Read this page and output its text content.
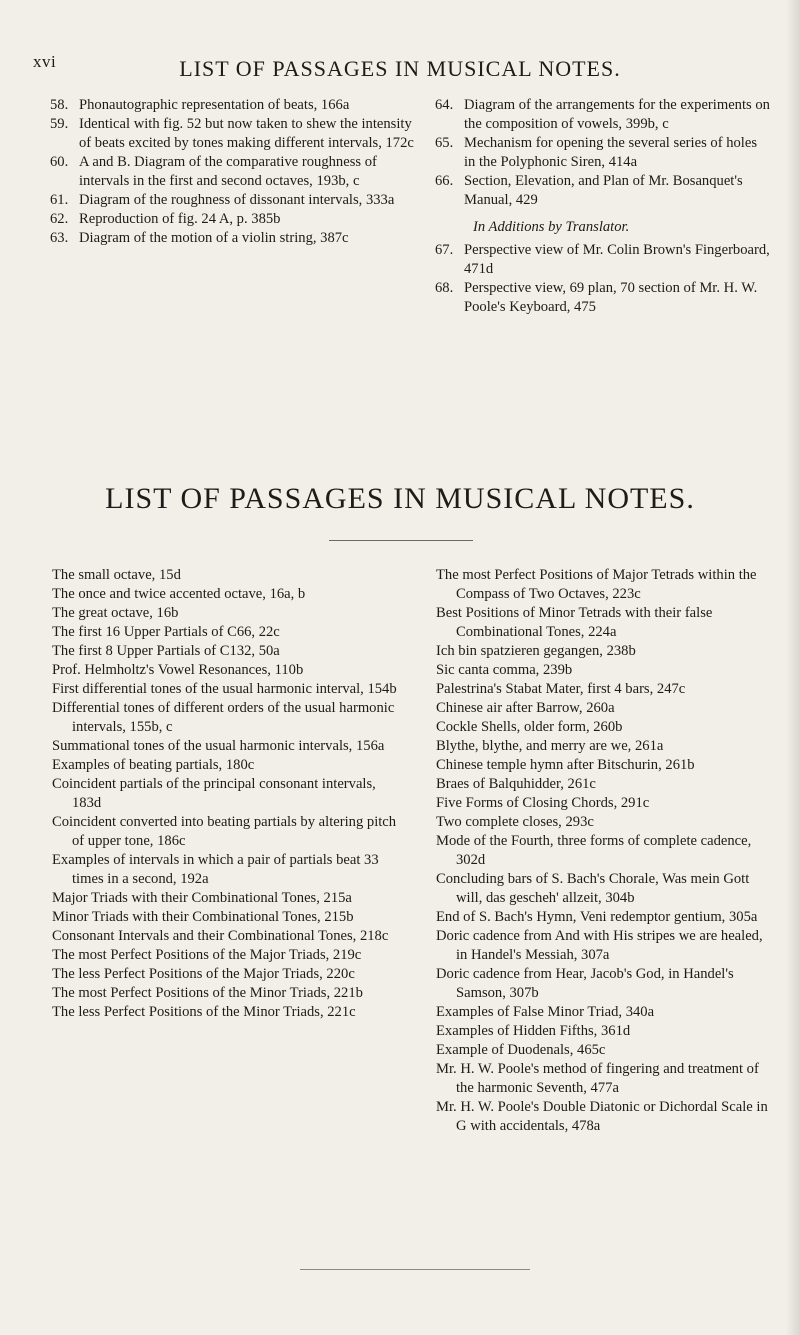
xvi	LIST OF PASSAGES IN MUSICAL NOTES.
58. Phonautographic representation of beats, 166a
59. Identical with fig. 52 but now taken to shew the intensity of beats excited by tones making different intervals, 172c
60. A and B. Diagram of the comparative roughness of intervals in the first and second octaves, 193b, c
61. Diagram of the roughness of dissonant intervals, 333a
62. Reproduction of fig. 24 A, p. 385b
63. Diagram of the motion of a violin string, 387c
64. Diagram of the arrangements for the experiments on the composition of vowels, 399b, c
65. Mechanism for opening the several series of holes in the Polyphonic Siren, 414a
66. Section, Elevation, and Plan of Mr. Bosanquet's Manual, 429
In Additions by Translator.
67. Perspective view of Mr. Colin Brown's Fingerboard, 471d
68. Perspective view, 69 plan, 70 section of Mr. H. W. Poole's Keyboard, 475
LIST OF PASSAGES IN MUSICAL NOTES.
The small octave, 15d
The once and twice accented octave, 16a, b
The great octave, 16b
The first 16 Upper Partials of C66, 22c
The first 8 Upper Partials of C132, 50a
Prof. Helmholtz's Vowel Resonances, 110b
First differential tones of the usual harmonic interval, 154b
Differential tones of different orders of the usual harmonic intervals, 155b, c
Summational tones of the usual harmonic intervals, 156a
Examples of beating partials, 180c
Coincident partials of the principal consonant intervals, 183d
Coincident converted into beating partials by altering pitch of upper tone, 186c
Examples of intervals in which a pair of partials beat 33 times in a second, 192a
Major Triads with their Combinational Tones, 215a
Minor Triads with their Combinational Tones, 215b
Consonant Intervals and their Combinational Tones, 218c
The most Perfect Positions of the Major Triads, 219c
The less Perfect Positions of the Major Triads, 220c
The most Perfect Positions of the Minor Triads, 221b
The less Perfect Positions of the Minor Triads, 221c
The most Perfect Positions of Major Tetrads within the Compass of Two Octaves, 223c
Best Positions of Minor Tetrads with their false Combinational Tones, 224a
Ich bin spatzieren gegangen, 238b
Sic canta comma, 239b
Palestrina's Stabat Mater, first 4 bars, 247c
Chinese air after Barrow, 260a
Cockle Shells, older form, 260b
Blythe, blythe, and merry are we, 261a
Chinese temple hymn after Bitschurin, 261b
Braes of Balquhidder, 261c
Five Forms of Closing Chords, 291c
Two complete closes, 293c
Mode of the Fourth, three forms of complete cadence, 302d
Concluding bars of S. Bach's Chorale, Was mein Gott will, das gescheh' allzeit, 304b
End of S. Bach's Hymn, Veni redemptor gentium, 305a
Doric cadence from And with His stripes we are healed, in Handel's Messiah, 307a
Doric cadence from Hear, Jacob's God, in Handel's Samson, 307b
Examples of False Minor Triad, 340a
Examples of Hidden Fifths, 361d
Example of Duodenals, 465c
Mr. H. W. Poole's method of fingering and treatment of the harmonic Seventh, 477a
Mr. H. W. Poole's Double Diatonic or Dichordal Scale in G with accidentals, 478a
